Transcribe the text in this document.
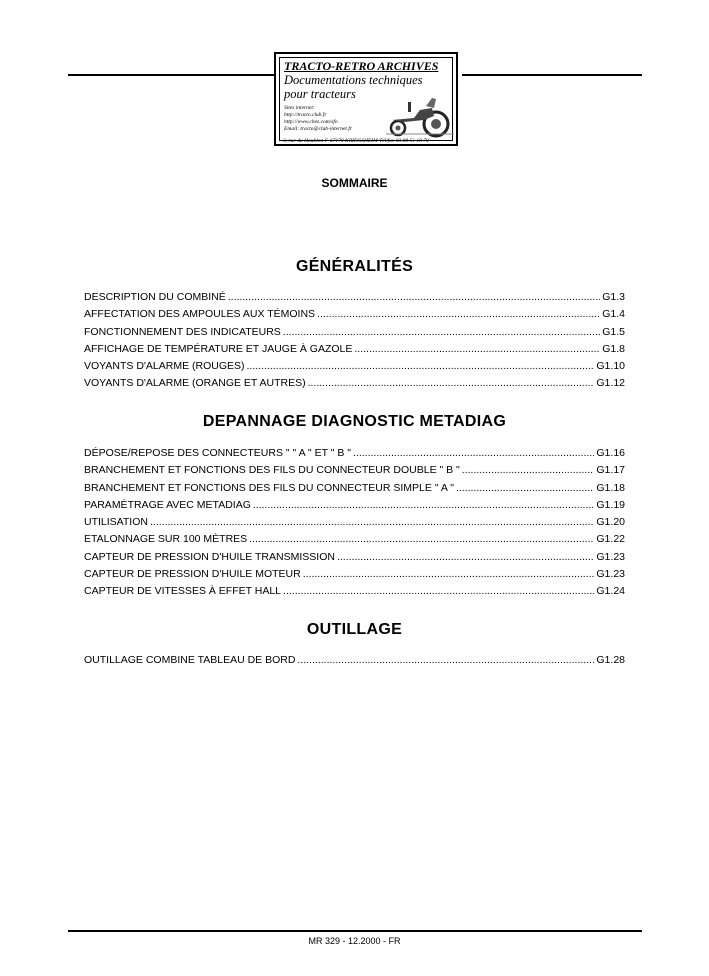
TRACTO-RETRO ARCHIVES
Documentations techniques
pour tracteurs
Sites internet:
http://tracto.club.fr
http://www.chez.com/sfo
Email: tracto@club-internet.fr
3, rue du Houblon F-67170 KRIEGSHEIM Tél/fax 03 88 51 18 70
SOMMAIRE
GÉNÉRALITÉS
DESCRIPTION DU COMBINÉ .....	G1.3
AFFECTATION DES AMPOULES AUX TÉMOINS .....	G1.4
FONCTIONNEMENT DES INDICATEURS .....	G1.5
AFFICHAGE DE TEMPÉRATURE ET JAUGE À GAZOLE .....	G1.8
VOYANTS D'ALARME (ROUGES) .....	G1.10
VOYANTS D'ALARME (ORANGE ET AUTRES) .....	G1.12
DEPANNAGE DIAGNOSTIC METADIAG
DÉPOSE/REPOSE DES CONNECTEURS " " A " ET " B " .....	G1.16
BRANCHEMENT ET FONCTIONS DES FILS DU CONNECTEUR DOUBLE " B " .....	G1.17
BRANCHEMENT ET FONCTIONS DES FILS DU CONNECTEUR SIMPLE " A " .....	G1.18
PARAMÉTRAGE AVEC METADIAG .....	G1.19
UTILISATION .....	G1.20
ETALONNAGE SUR 100 MÈTRES .....	G1.22
CAPTEUR DE PRESSION D'HUILE TRANSMISSION .....	G1.23
CAPTEUR DE PRESSION D'HUILE MOTEUR .....	G1.23
CAPTEUR DE VITESSES À EFFET HALL .....	G1.24
OUTILLAGE
OUTILLAGE COMBINE TABLEAU DE BORD .....	G1.28
MR 329 - 12.2000 - FR
